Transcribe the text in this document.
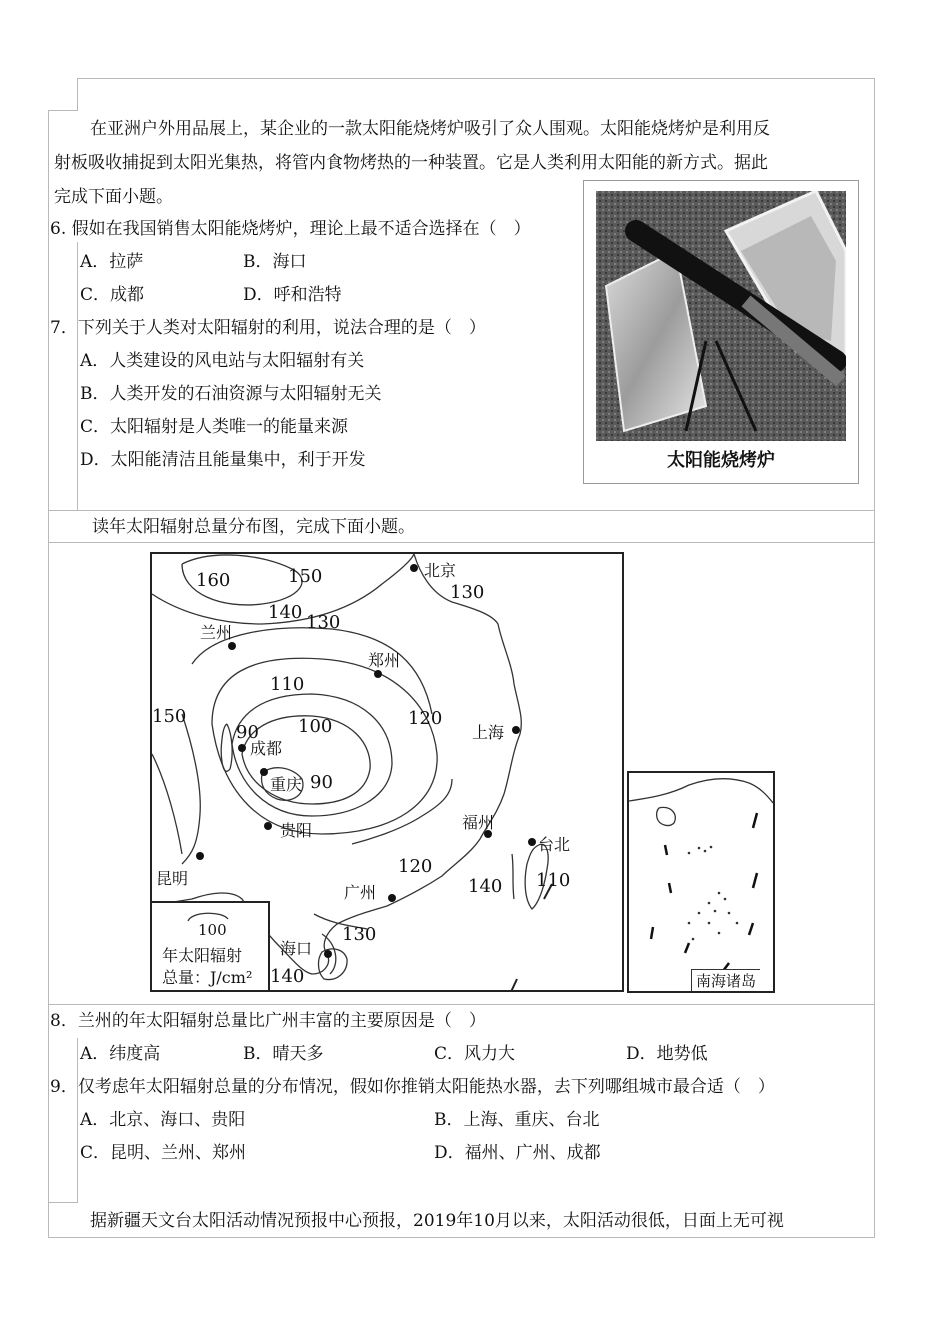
在亚洲户外用品展上，某企业的一款太阳能烧烤炉吸引了众人围观。太阳能烧烤炉是利用反
射板吸收捕捉到太阳光集热，将管内食物烤热的一种装置。它是人类利用太阳能的新方式。据此
完成下面小题。
6. 假如在我国销售太阳能烧烤炉，理论上最不适合选择在（　）
A．拉萨	B．海口
C．成都	D．呼和浩特
7．下列关于人类对太阳辐射的利用，说法合理的是（　）
A．人类建设的风电站与太阳辐射有关
B．人类开发的石油资源与太阳辐射无关
C．太阳辐射是人类唯一的能量来源
D．太阳能清洁且能量集中，利于开发	太阳能烧烤炉
读年太阳辐射总量分布图，完成下面小题。
北京
兰州
郑州
上海
成都
重庆
贵阳	福州
台北
昆明
广州
海口
160	150
140 130
130
110
150
90 100	120
90
120
140 110
130
140
100
年太阳辐射
总量：J/cm²	南海诸岛
8．兰州的年太阳辐射总量比广州丰富的主要原因是（　）
A．纬度高	B．晴天多	C．风力大	D．地势低
9．仅考虑年太阳辐射总量的分布情况，假如你推销太阳能热水器，去下列哪组城市最合适（　）
A．北京、海口、贵阳	B．上海、重庆、台北
C．昆明、兰州、郑州	D．福州、广州、成都
据新疆天文台太阳活动情况预报中心预报，2019年10月以来，太阳活动很低，日面上无可视
